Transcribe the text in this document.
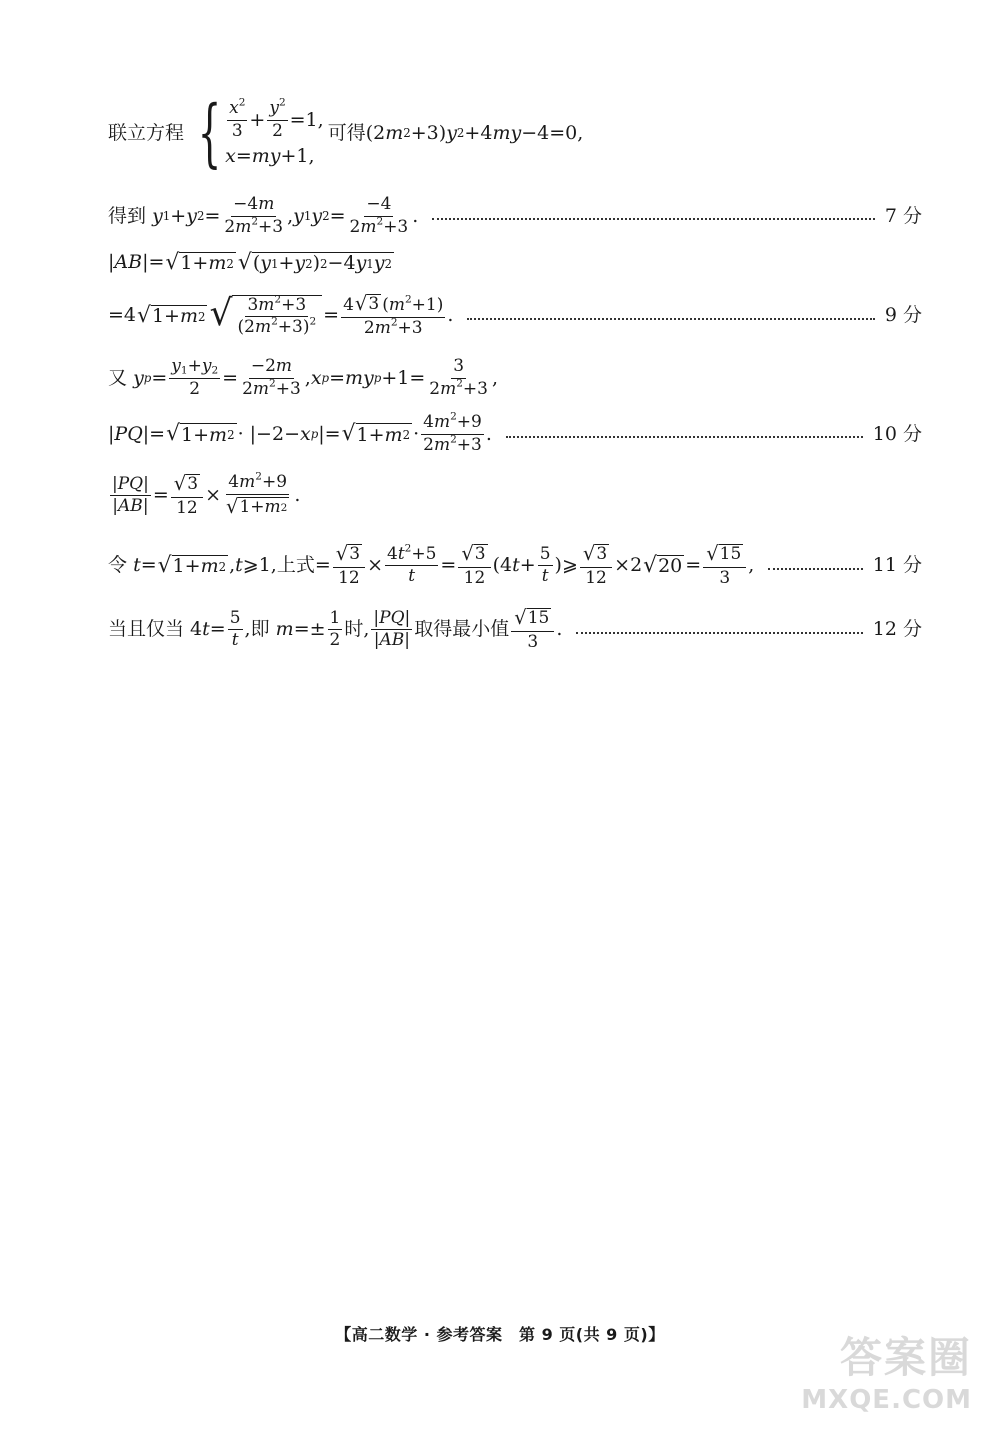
联立方程 { $\frac{x^2}{3} + \frac{y^2}{2} =1$,
x = my +1,
可得 (2 m 2 +3) y 2 +4 my −4=0,
得到
y 1 + y $2 = \frac{-4m}{2m^2+3}$ , y 1 y $2 = \frac{-4}{2m^2+3}$ .	7 分
| AB |= √ 1+ m 2 √ ( y 1 + y 2 ) 2 −4 y 1 y 2
=4 √ 1+ m 2 √ $\frac{3m^2+3}{(2m^2+3)^2} = \frac{4 √ 3 (m^2+1)}{2m^2+3}$ .	9 分
又
y $p = \frac{y_1+y_2}{2} = \frac{-2m}{2m^2+3}$ , x p = my $p +1= \frac{3}{2m^2+3}$ ,
| PQ |= √ 1+ m 2 · |−2− x p |= √ 1+ m $2 \cdot \frac{4m^2+9}{2m^2+3}$ .	10 分
$\frac{|PQ|}{|AB|} = \frac{√ 3}{12} \times \frac{4m^2+9}{√ 1+ m 2}$ .
令
t = √ 1+ m 2 , t ⩾1, 上式 = $\frac{√ 3}{12} \times \frac{4t^2+5}{t} = \frac{√ 3}{12} (4$ $t + \frac{5}{t}$ )⩾ $\frac{√ 3}{12} \times 2$ √ $20 = \frac{√ 15}{3}$ ,	11 分
当且仅当 4 $t = \frac{5}{t}$ , 即
$m =\pm \frac{1}{2}$ 时, $\frac{|PQ|}{|AB|}$ 取得最小值 $\frac{√ 15}{3}$ .	12 分
【高二数学 · 参考答案　第 9 页(共 9 页)】	答案圈
MXQE.COM
